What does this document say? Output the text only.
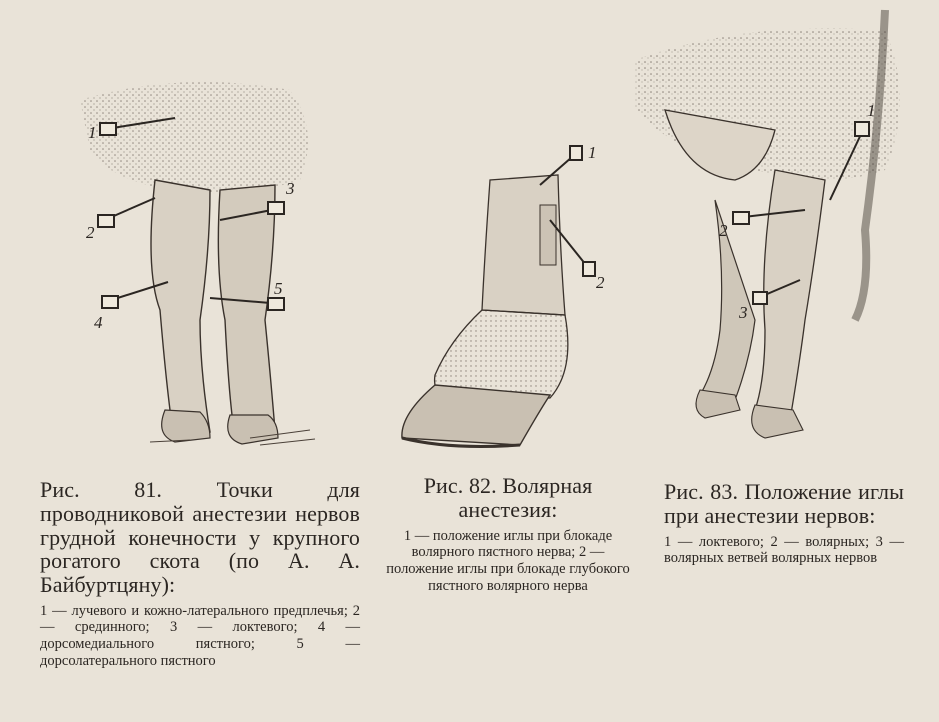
1
2
3
4
5
Рис. 81. Точки для проводниковой анестезии нервов грудной конечности у крупного рогатого скота (по А. А. Байбуртцяну):
1 — лучевого и кожно-латерального предплечья; 2 — срединного; 3 — локтевого; 4 — дорсомедиального пястного; 5 — дорсолатерального пястного
1
2
Рис. 82. Волярная анестезия:
1 — положение иглы при блокаде волярного пястного нерва; 2 — положение иглы при блокаде глубокого пястного волярного нерва
1
2
3
Рис. 83. Положение иглы при анестезии нервов:
1 — локтевого; 2 — волярных; 3 — волярных ветвей волярных нервов
